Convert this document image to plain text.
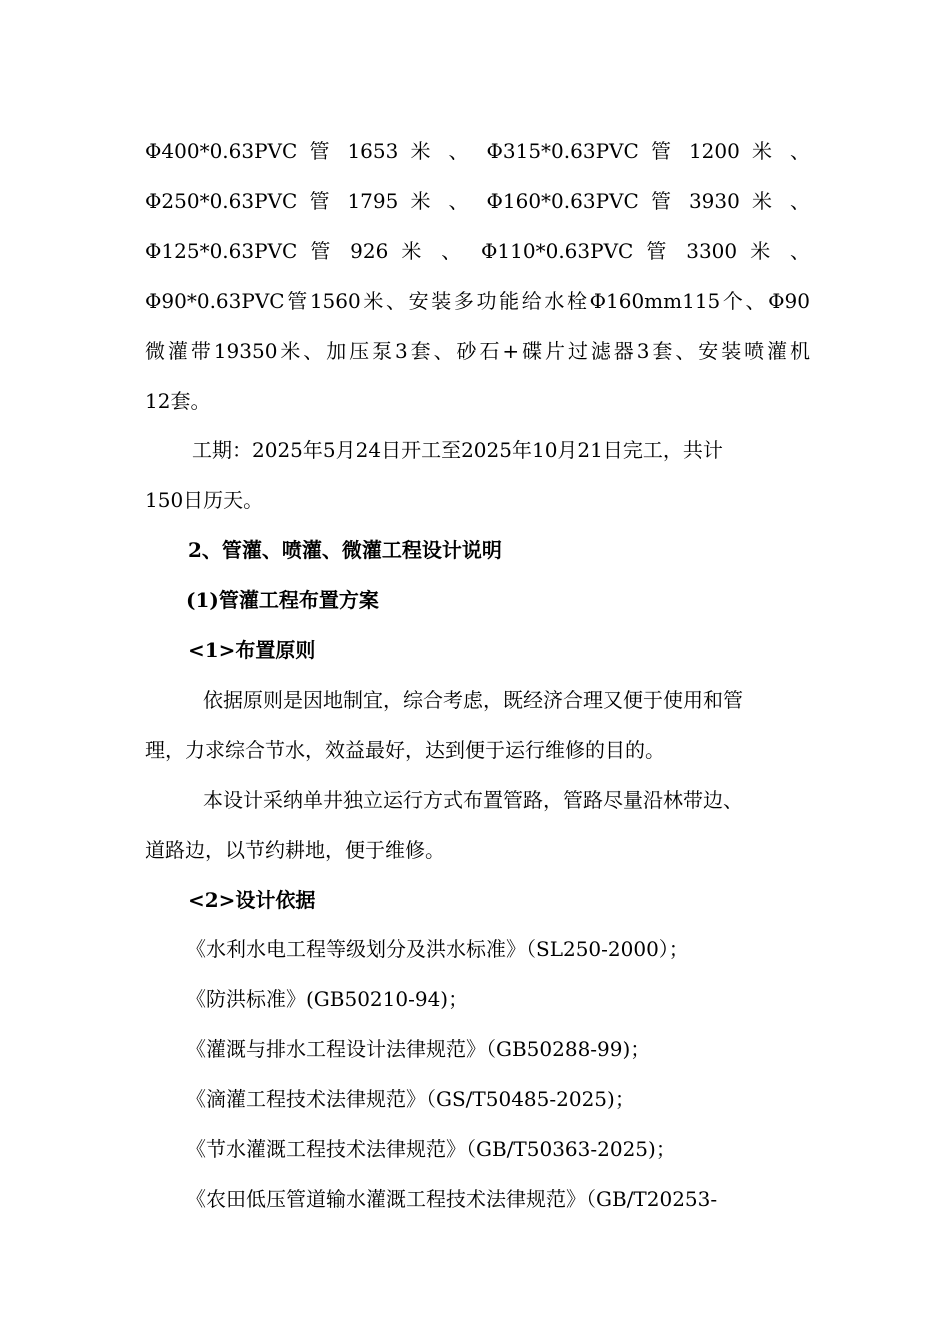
Φ400*0.63PVC 管 1653 米 、 Φ315*0.63PVC 管 1200 米 、
Φ250*0.63PVC 管 1795 米 、 Φ160*0.63PVC 管 3930 米 、
Φ125*0.63PVC 管 926 米 、 Φ110*0.63PVC 管 3300 米 、
Φ90*0.63PVC管1560米、安装多功能给水栓Φ160mm115个、Φ90
微灌带19350米、加压泵3套、砂石+碟片过滤器3套、安装喷灌机
12套。
工期：2025年5月24日开工至2025年10月21日完工，共计
150日历天。
2、管灌、喷灌、微灌工程设计说明
(1)管灌工程布置方案
<1>布置原则
依据原则是因地制宜，综合考虑，既经济合理又便于使用和管
理，力求综合节水，效益最好，达到便于运行维修的目的。
本设计采纳单井独立运行方式布置管路，管路尽量沿林带边、
道路边，以节约耕地，便于维修。
<2>设计依据
《水利水电工程等级划分及洪水标准》（SL250-2000）；
《防洪标准》(GB50210-94)；
《灌溉与排水工程设计法律规范》（GB50288-99)；
《滴灌工程技术法律规范》（GS/T50485-2025)；
《节水灌溉工程技术法律规范》（GB/T50363-2025)；
《农田低压管道输水灌溉工程技术法律规范》（GB/T20253-
